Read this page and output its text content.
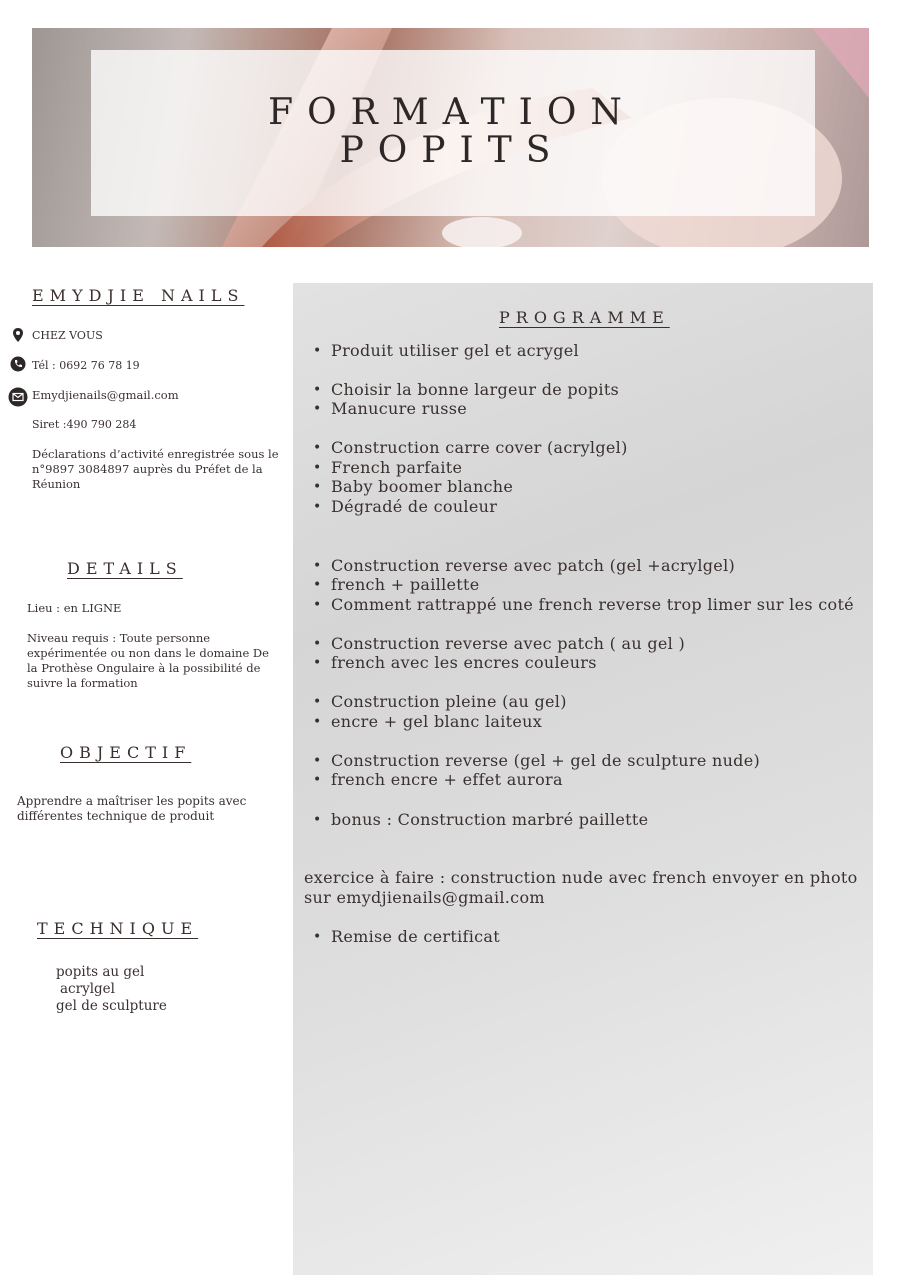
FORMATION
POPITS
EMYDJIE NAILS
CHEZ VOUS
Tél : 0692 76 78 19
Emydjienails@gmail.com
Siret :490 790 284
Déclarations d’activité enregistrée sous le n°9897 3084897 auprès du Préfet de la Réunion
DETAILS
Lieu : en LIGNE
Niveau requis : Toute personne expérimentée ou non dans le domaine De la Prothèse Ongulaire à la possibilité de suivre la formation
OBJECTIF
Apprendre a maîtriser les popits avec différentes technique de produit
TECHNIQUE
popits au gel
acrylgel
gel de sculpture
PROGRAMME
• Produit utiliser gel et acrygel
• Choisir la bonne largeur de popits
• Manucure russe
• Construction carre cover (acrylgel)
• French parfaite
• Baby boomer blanche
• Dégradé de couleur
• Construction reverse avec patch (gel +acrylgel)
• french + paillette
• Comment rattrappé une french reverse trop limer sur les coté
• Construction reverse avec patch ( au gel )
• french avec les encres couleurs
• Construction pleine (au gel)
• encre + gel blanc laiteux
• Construction reverse (gel + gel de sculpture nude)
• french encre + effet aurora
• bonus : Construction marbré paillette
exercice à faire : construction nude avec french envoyer en photo sur emydjienails@gmail.com
• Remise de certificat
